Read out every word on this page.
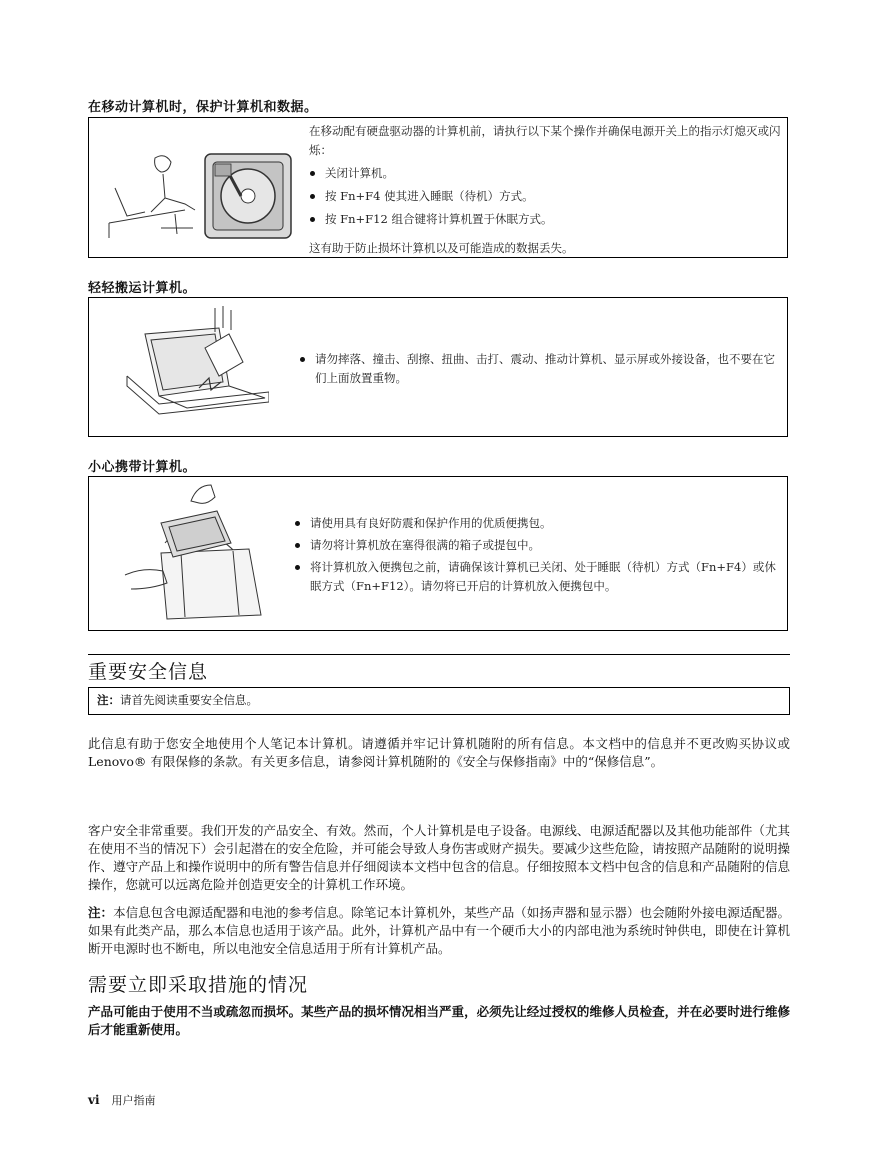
在移动计算机时，保护计算机和数据。

在移动配有硬盘驱动器的计算机前，请执行以下某个操作并确保电源开关上的指示灯熄灭或闪烁：

关闭计算机。
按 Fn+F4 使其进入睡眠（待机）方式。
按 Fn+F12 组合键将计算机置于休眠方式。

这有助于防止损坏计算机以及可能造成的数据丢失。

轻轻搬运计算机。
请勿摔落、撞击、刮擦、扭曲、击打、震动、推动计算机、显示屏或外接设备，也不要在它们上面放置重物。
小心携带计算机。
请使用具有良好防震和保护作用的优质便携包。
请勿将计算机放在塞得很满的箱子或提包中。
将计算机放入便携包之前，请确保该计算机已关闭、处于睡眠（待机）方式（Fn+F4）或休眠方式（Fn+F12）。请勿将已开启的计算机放入便携包中。
重要安全信息
注：请首先阅读重要安全信息。

此信息有助于您安全地使用个人笔记本计算机。请遵循并牢记计算机随附的所有信息。本文档中的信息并不更改购买协议或 Lenovo® 有限保修的条款。有关更多信息，请参阅计算机随附的《安全与保修指南》中的“保修信息”。

客户安全非常重要。我们开发的产品安全、有效。然而，个人计算机是电子设备。电源线、电源适配器以及其他功能部件（尤其在使用不当的情况下）会引起潜在的安全危险，并可能会导致人身伤害或财产损失。要减少这些危险，请按照产品随附的说明操作、遵守产品上和操作说明中的所有警告信息并仔细阅读本文档中包含的信息。仔细按照本文档中包含的信息和产品随附的信息操作，您就可以远离危险并创造更安全的计算机工作环境。

注：本信息包含电源适配器和电池的参考信息。除笔记本计算机外，某些产品（如扬声器和显示器）也会随附外接电源适配器。如果有此类产品，那么本信息也适用于该产品。此外，计算机产品中有一个硬币大小的内部电池为系统时钟供电，即使在计算机断开电源时也不断电，所以电池安全信息适用于所有计算机产品。

需要立即采取措施的情况

产品可能由于使用不当或疏忽而损坏。某些产品的损坏情况相当严重，必须先让经过授权的维修人员检查，并在必要时进行维修后才能重新使用。

vi 用户指南
